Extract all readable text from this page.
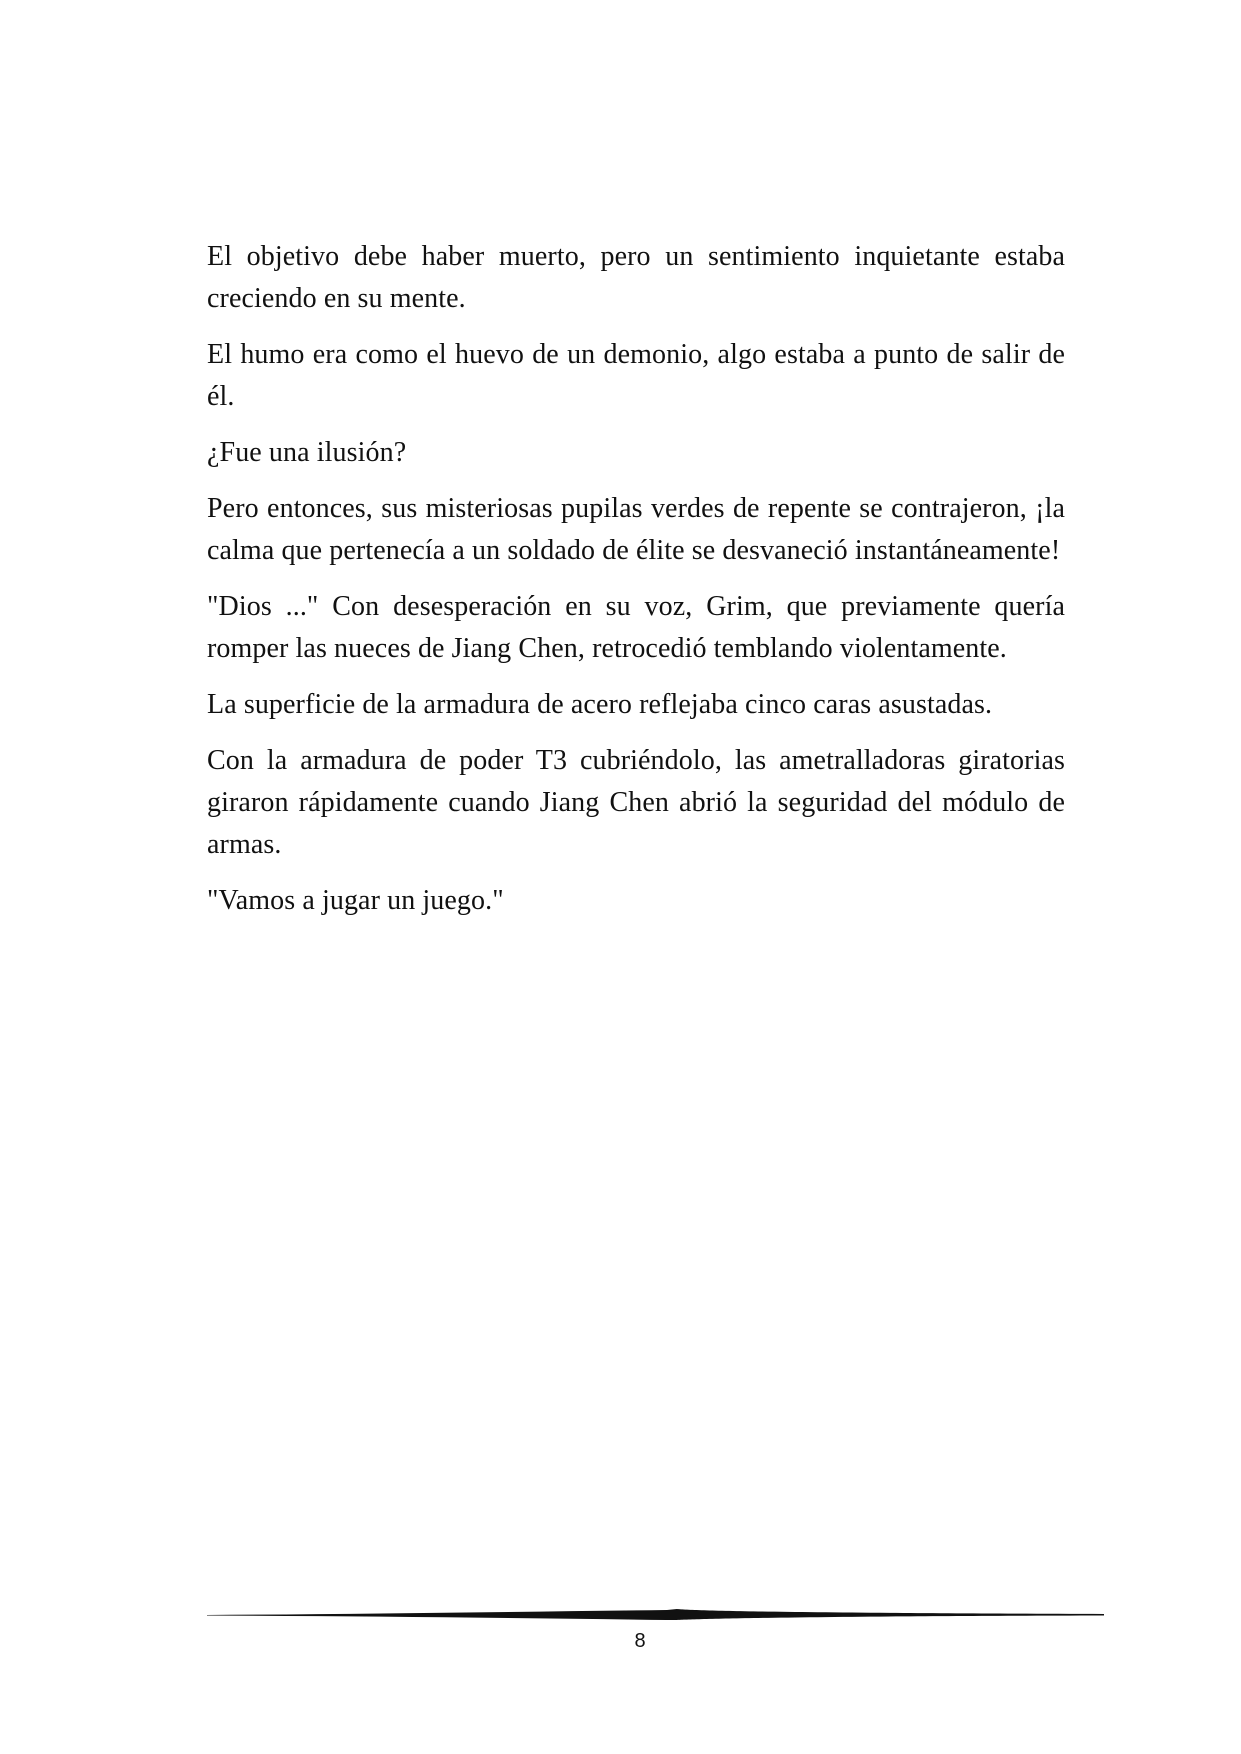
El objetivo debe haber muerto, pero un sentimiento inquietante estaba creciendo en su mente.

El humo era como el huevo de un demonio, algo estaba a punto de salir de él.

¿Fue una ilusión?

Pero entonces, sus misteriosas pupilas verdes de repente se contrajeron, ¡la calma que pertenecía a un soldado de élite se desvaneció instantáneamente!

"Dios ..." Con desesperación en su voz, Grim, que previamente quería romper las nueces de Jiang Chen, retrocedió temblando violentamente.

La superficie de la armadura de acero reflejaba cinco caras asustadas.

Con la armadura de poder T3 cubriéndolo, las ametralladoras giratorias giraron rápidamente cuando Jiang Chen abrió la seguridad del módulo de armas.

"Vamos a jugar un juego."

8
